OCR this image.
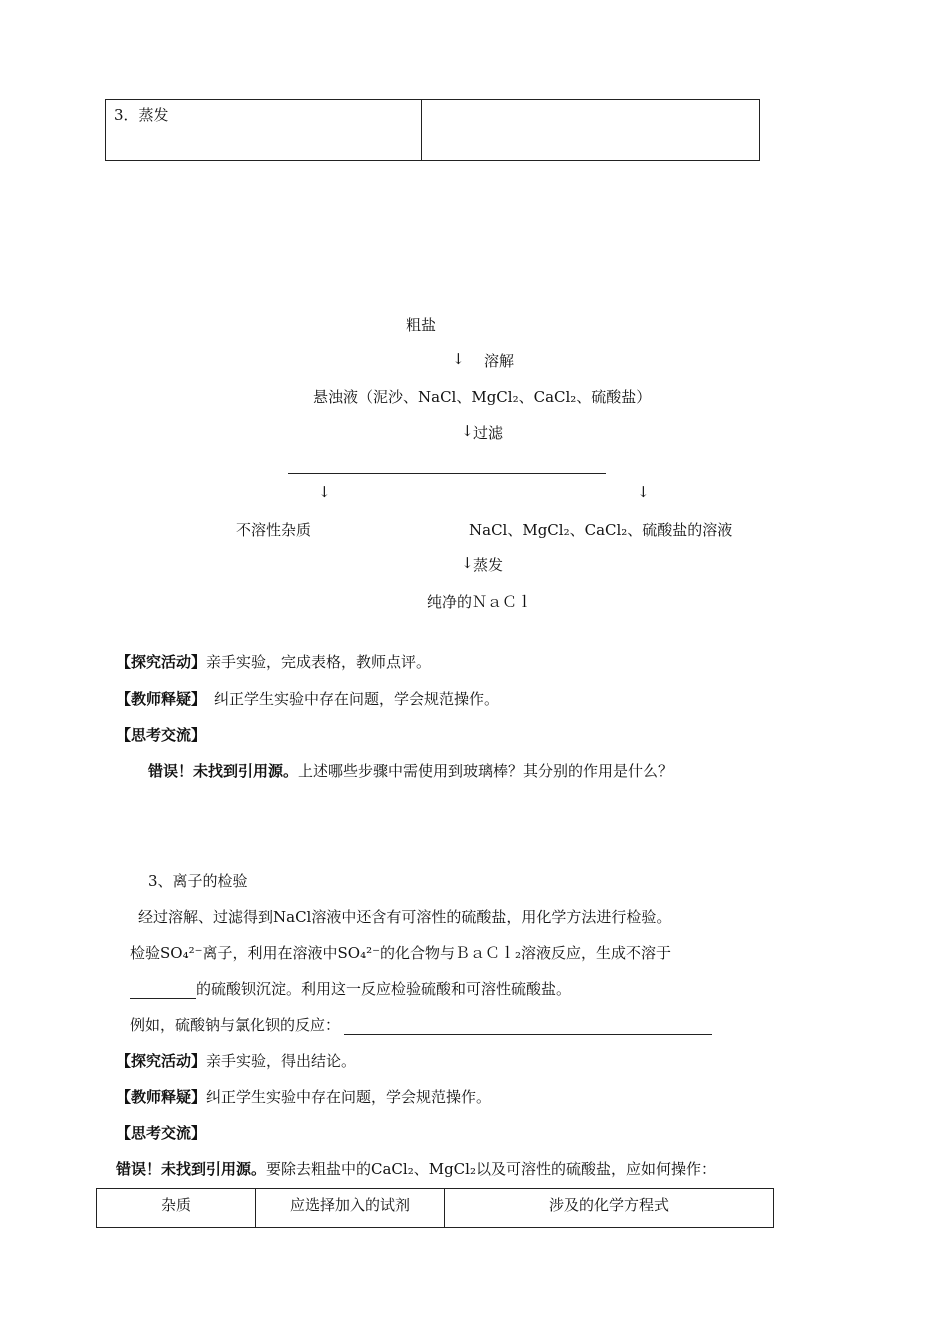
3．蒸发
粗盐
↓ 溶解
悬浊液（泥沙、NaCl、MgCl₂、CaCl₂、硫酸盐）
↓ 过滤
↓	↓
不溶性杂质	NaCl、MgCl₂、CaCl₂、硫酸盐的溶液
↓ 蒸发
纯净的ＮａＣｌ
【探究活动】亲手实验，完成表格，教师点评。
【教师释疑】 纠正学生实验中存在问题，学会规范操作。
【思考交流】
错误！未找到引用源。上述哪些步骤中需使用到玻璃棒？其分别的作用是什么？
3、离子的检验
经过溶解、过滤得到NaCl溶液中还含有可溶性的硫酸盐，用化学方法进行检验。
检验SO₄²⁻离子，利用在溶液中SO₄²⁻的化合物与ＢａＣｌ₂溶液反应，生成不溶于
的硫酸钡沉淀。利用这一反应检验硫酸和可溶性硫酸盐。
例如，硫酸钠与氯化钡的反应：
【探究活动】亲手实验，得出结论。
【教师释疑】纠正学生实验中存在问题，学会规范操作。
【思考交流】
错误！未找到引用源。要除去粗盐中的CaCl₂、MgCl₂以及可溶性的硫酸盐，应如何操作：
杂质	应选择加入的试剂	涉及的化学方程式
